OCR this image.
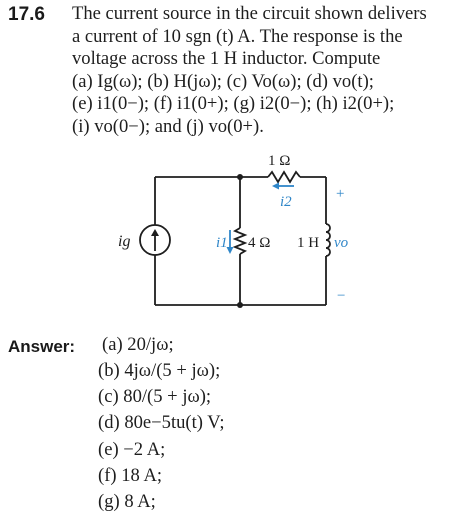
17.6 The current source in the circuit shown delivers
a current of 10 sgn (t) A. The response is the
voltage across the 1 H inductor. Compute
(a) Ig(ω); (b) H(jω); (c) Vo(ω); (d) vo(t);
(e) i1(0−); (f) i1(0+); (g) i2(0−); (h) i2(0+);
(i) vo(0−); and (j) vo(0+).
1 Ω
i2
i1 4 Ω
ig	1 H vo
+
−
Answer: (a) 20/jω;
(b) 4jω/(5 + jω);
(c) 80/(5 + jω);
(d) 80e−5tu(t) V;
(e) −2 A;
(f) 18 A;
(g) 8 A;
